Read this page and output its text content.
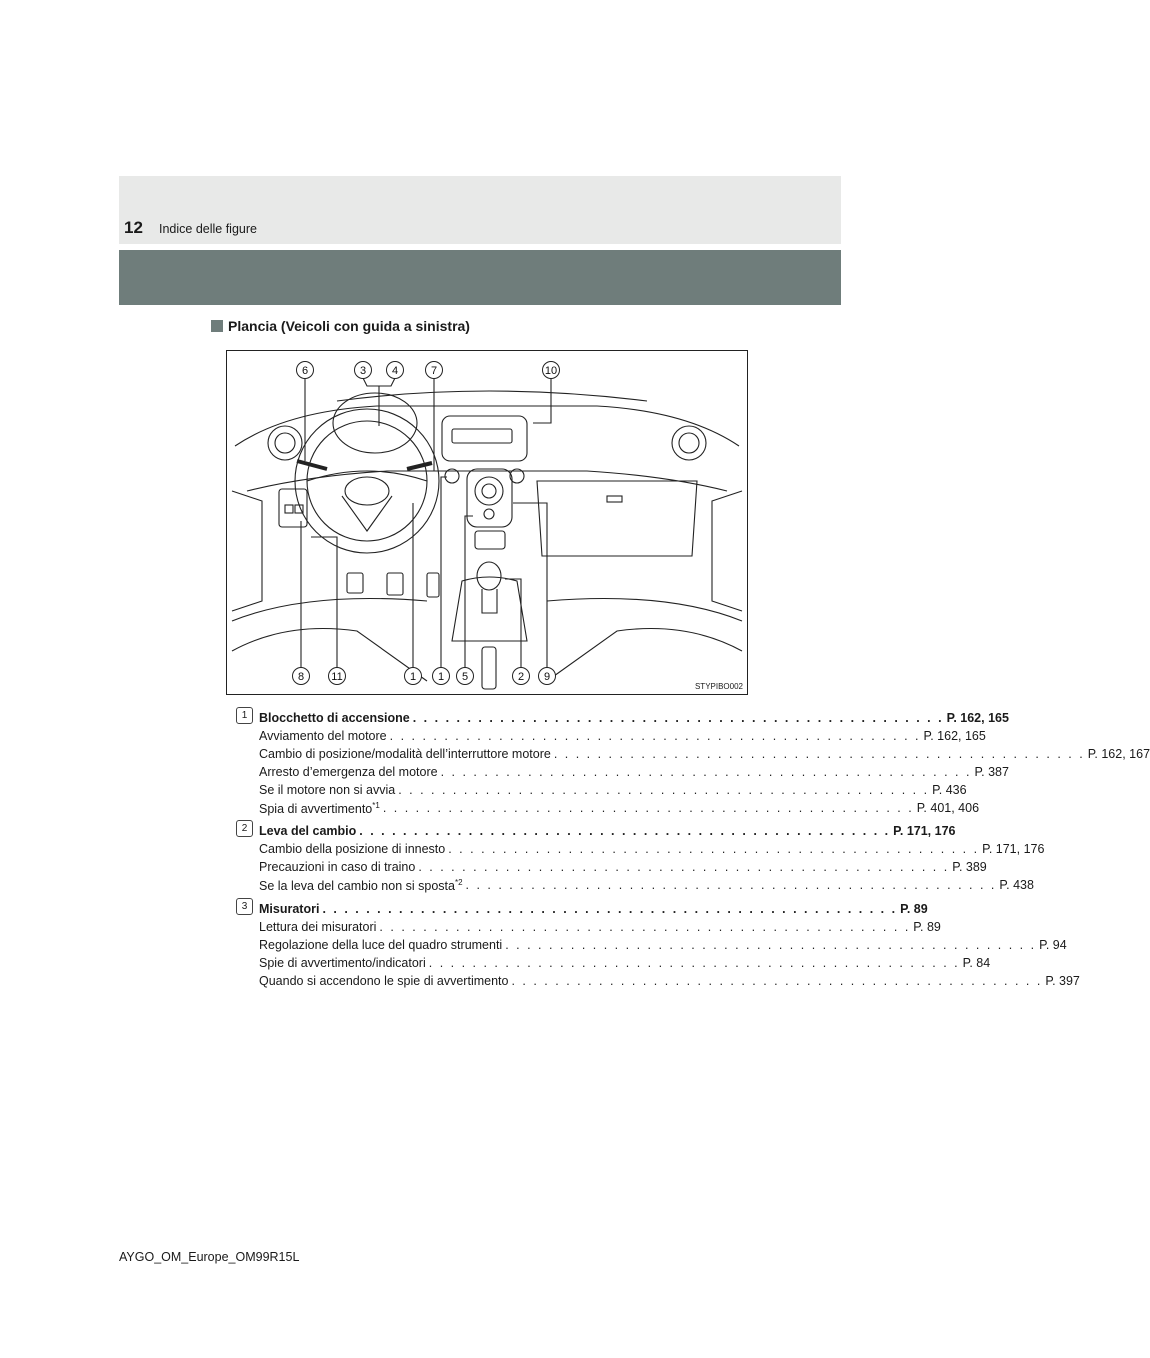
12 Indice delle figure
Plancia (Veicoli con guida a sinistra)
6	3 4	7	10
8 11	1 1 5	2 9
STYPIBO002
1 Blocchetto di accensione . . . . . . . . . . . . . . . . . . . . . . . . . . . . . . . . . . . . . . . . . . . . . . . . . P. 162, 165
Avviamento del motore . . . . . . . . . . . . . . . . . . . . . . . . . . . . . . . . . . . . . . . . . . . . . . . . . P. 162, 165
Cambio di posizione/modalità dell’interruttore motore . . . . . . . . . . . . . . . . . . . . . . . . . . . . . . . . . . . . . . . . . . . . . . . . . P. 162, 167
Arresto d’emergenza del motore . . . . . . . . . . . . . . . . . . . . . . . . . . . . . . . . . . . . . . . . . . . . . . . . . P. 387
Se il motore non si avvia . . . . . . . . . . . . . . . . . . . . . . . . . . . . . . . . . . . . . . . . . . . . . . . . . P. 436
Spia di avvertimento$^{*1}$ . . . . . . . . . . . . . . . . . . . . . . . . . . . . . . . . . . . . . . . . . . . . . . . . . P. 401, 406
2 Leva del cambio . . . . . . . . . . . . . . . . . . . . . . . . . . . . . . . . . . . . . . . . . . . . . . . . . P. 171, 176
Cambio della posizione di innesto . . . . . . . . . . . . . . . . . . . . . . . . . . . . . . . . . . . . . . . . . . . . . . . . . P. 171, 176
Precauzioni in caso di traino . . . . . . . . . . . . . . . . . . . . . . . . . . . . . . . . . . . . . . . . . . . . . . . . . P. 389
Se la leva del cambio non si sposta$^{*2}$ . . . . . . . . . . . . . . . . . . . . . . . . . . . . . . . . . . . . . . . . . . . . . . . . . P. 438
3 Misuratori . . . . . . . . . . . . . . . . . . . . . . . . . . . . . . . . . . . . . . . . . . . . . . . . . . . . . P. 89
Lettura dei misuratori . . . . . . . . . . . . . . . . . . . . . . . . . . . . . . . . . . . . . . . . . . . . . . . . . P. 89
Regolazione della luce del quadro strumenti . . . . . . . . . . . . . . . . . . . . . . . . . . . . . . . . . . . . . . . . . . . . . . . . . P. 94
Spie di avvertimento/indicatori . . . . . . . . . . . . . . . . . . . . . . . . . . . . . . . . . . . . . . . . . . . . . . . . . P. 84
Quando si accendono le spie di avvertimento . . . . . . . . . . . . . . . . . . . . . . . . . . . . . . . . . . . . . . . . . . . . . . . . . P. 397
AYGO_OM_Europe_OM99R15L
